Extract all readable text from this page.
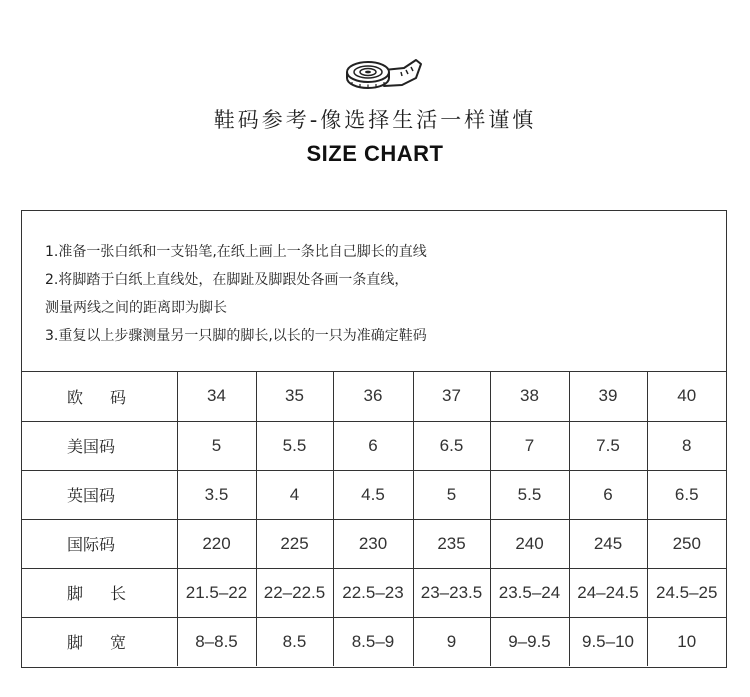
鞋码参考-像选择生活一样谨慎
SIZE CHART
1.准备一张白纸和一支铅笔,在纸上画上一条比自己脚长的直线
2.将脚踏于白纸上直线处，在脚趾及脚跟处各画一条直线，
测量两线之间的距离即为脚长
3.重复以上步骤测量另一只脚的脚长,以长的一只为准确定鞋码
欧码	34	35	36	37	38	39	40
美国码	5	5.5	6	6.5	7	7.5	8
英国码	3.5	4	4.5	5	5.5	6	6.5
国际码	220	225	230	235	240	245	250
脚长	21.5–22	22–22.5	22.5–23	23–23.5	23.5–24	24–24.5	24.5–25
脚宽	8–8.5	8.5	8.5–9	9	9–9.5	9.5–10	10
